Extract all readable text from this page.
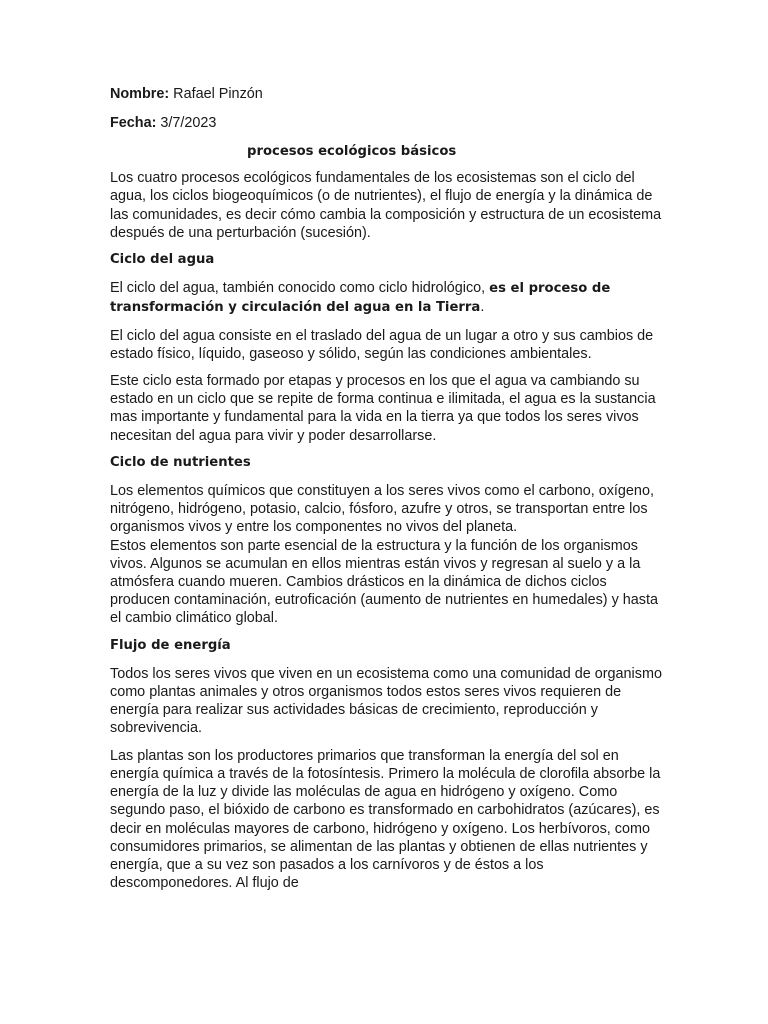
Nombre: Rafael Pinzón

Fecha: 3/7/2023

procesos ecológicos básicos

Los cuatro procesos ecológicos fundamentales de los ecosistemas son el ciclo del agua, los ciclos biogeoquímicos (o de nutrientes), el flujo de energía y la dinámica de las comunidades, es decir cómo cambia la composición y estructura de un ecosistema después de una perturbación (sucesión).

Ciclo del agua

El ciclo del agua, también conocido como ciclo hidrológico, es el proceso de transformación y circulación del agua en la Tierra.

El ciclo del agua consiste en el traslado del agua de un lugar a otro y sus cambios de estado físico, líquido, gaseoso y sólido, según las condiciones ambientales.

Este ciclo esta formado por etapas y procesos en los que el agua va cambiando su estado en un ciclo que se repite de forma continua e ilimitada, el agua es la sustancia mas importante y fundamental para la vida en la tierra ya que todos los seres vivos necesitan del agua para vivir y poder desarrollarse.

Ciclo de nutrientes

Los elementos químicos que constituyen a los seres vivos como el carbono, oxígeno, nitrógeno, hidrógeno, potasio, calcio, fósforo, azufre y otros, se transportan entre los organismos vivos y entre los componentes no vivos del planeta.

Estos elementos son parte esencial de la estructura y la función de los organismos vivos. Algunos se acumulan en ellos mientras están vivos y regresan al suelo y a la atmósfera cuando mueren. Cambios drásticos en la dinámica de dichos ciclos producen contaminación, eutroficación (aumento de nutrientes en humedales) y hasta el cambio climático global.

Flujo de energía

Todos los seres vivos que viven en un ecosistema como una comunidad de organismo como plantas animales y otros organismos todos estos seres vivos requieren de energía para realizar sus actividades básicas de crecimiento, reproducción y sobrevivencia.

Las plantas son los productores primarios que transforman la energía del sol en energía química a través de la fotosíntesis. Primero la molécula de clorofila absorbe la energía de la luz y divide las moléculas de agua en hidrógeno y oxígeno. Como segundo paso, el bióxido de carbono es transformado en carbohidratos (azúcares), es decir en moléculas mayores de carbono, hidrógeno y oxígeno. Los herbívoros, como consumidores primarios, se alimentan de las plantas y obtienen de ellas nutrientes y energía, que a su vez son pasados a los carnívoros y de éstos a los descomponedores. Al flujo de
